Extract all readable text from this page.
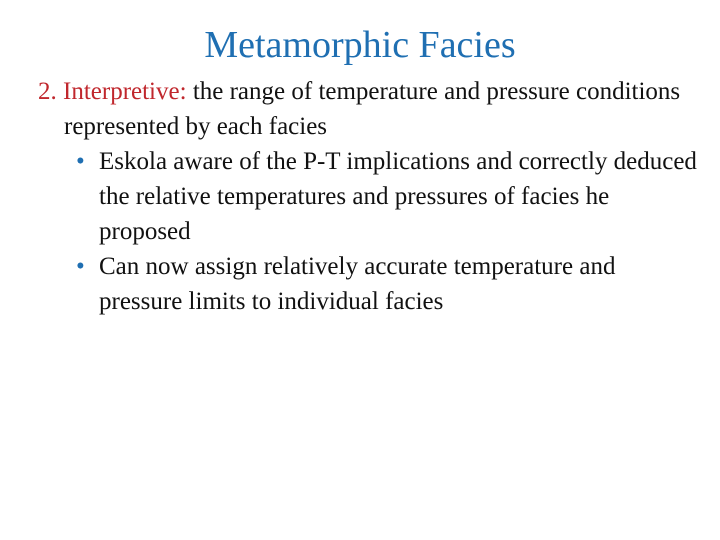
Metamorphic Facies

2. Interpretive: the range of temperature and pressure conditions represented by each facies

• Eskola aware of the P-T implications and correctly deduced the relative temperatures and pressures of facies he proposed
• Can now assign relatively accurate temperature and pressure limits to individual facies
